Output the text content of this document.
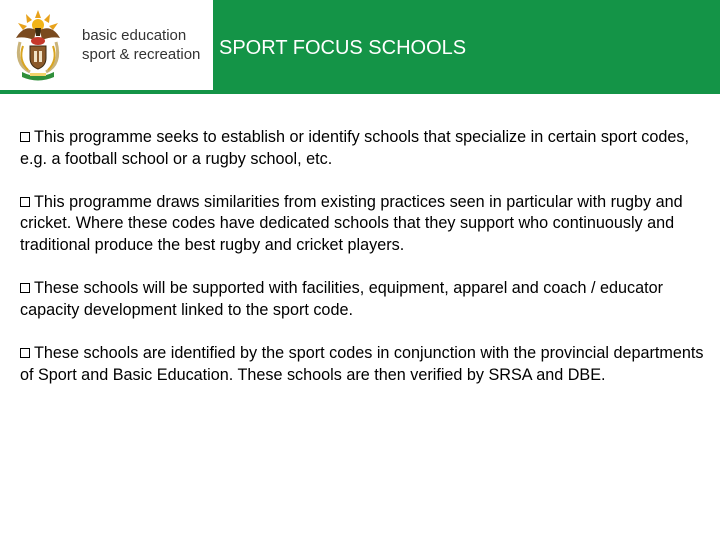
basic education
sport & recreation SPORT FOCUS SCHOOLS
This programme seeks to establish or identify schools that specialize in certain sport codes, e.g. a football school or a rugby school, etc.
This programme draws similarities from existing practices seen in particular with rugby and cricket. Where these codes have dedicated schools that they support who continuously and traditional produce the best rugby and cricket players.
These schools will be supported with facilities, equipment, apparel and coach / educator capacity development linked to the sport code.
These schools are identified by the sport codes in conjunction with the provincial departments of Sport and Basic Education. These schools are then verified by SRSA and DBE.
